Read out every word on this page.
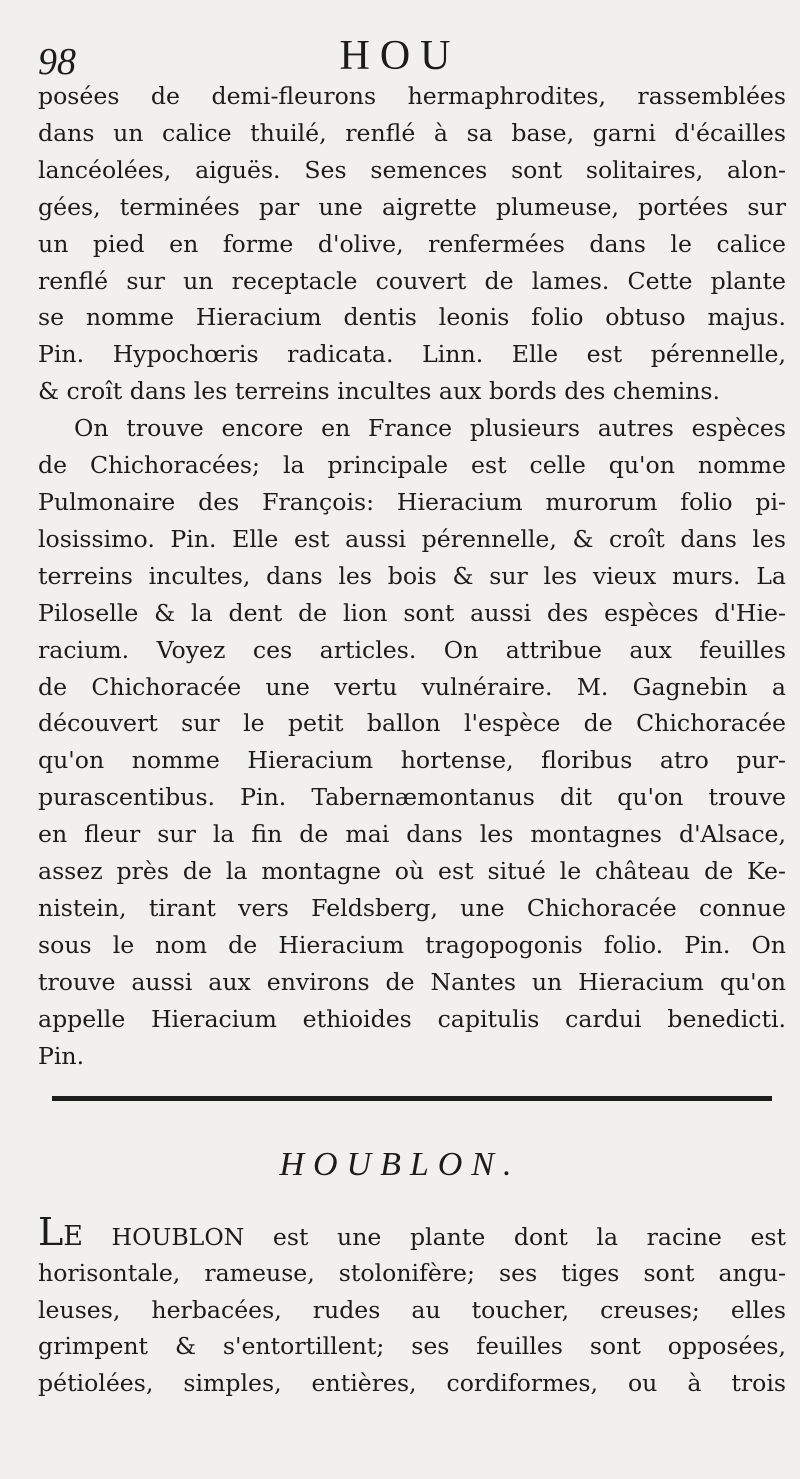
98	HOU
posées de demi-fleurons hermaphrodites, rassemblées
dans un calice thuilé, renflé à sa base, garni d'écailles
lancéolées, aiguës. Ses semences sont solitaires, alon-
gées, terminées par une aigrette plumeuse, portées sur
un pied en forme d'olive, renfermées dans le calice
renflé sur un receptacle couvert de lames. Cette plante
se nomme Hieracium dentis leonis folio obtuso majus.
Pin. Hypochœris radicata. Linn. Elle est pérennelle,
& croît dans les terreins incultes aux bords des chemins.
On trouve encore en France plusieurs autres espèces
de Chichoracées; la principale est celle qu'on nomme
Pulmonaire des François: Hieracium murorum folio pi-
losissimo. Pin. Elle est aussi pérennelle, & croît dans les
terreins incultes, dans les bois & sur les vieux murs. La
Piloselle & la dent de lion sont aussi des espèces d'Hie-
racium. Voyez ces articles. On attribue aux feuilles
de Chichoracée une vertu vulnéraire. M. Gagnebin a
découvert sur le petit ballon l'espèce de Chichoracée
qu'on nomme Hieracium hortense, floribus atro pur-
purascentibus. Pin. Tabernæmontanus dit qu'on trouve
en fleur sur la fin de mai dans les montagnes d'Alsace,
assez près de la montagne où est situé le château de Ke-
nistein, tirant vers Feldsberg, une Chichoracée connue
sous le nom de Hieracium tragopogonis folio. Pin. On
trouve aussi aux environs de Nantes un Hieracium qu'on
appelle Hieracium ethioides capitulis cardui benedicti.
Pin.
HOUBLON.
Le HOUBLON est une plante dont la racine est
horisontale, rameuse, stolonifère; ses tiges sont angu-
leuses, herbacées, rudes au toucher, creuses; elles
grimpent & s'entortillent; ses feuilles sont opposées,
pétiolées, simples, entières, cordiformes, ou à trois
